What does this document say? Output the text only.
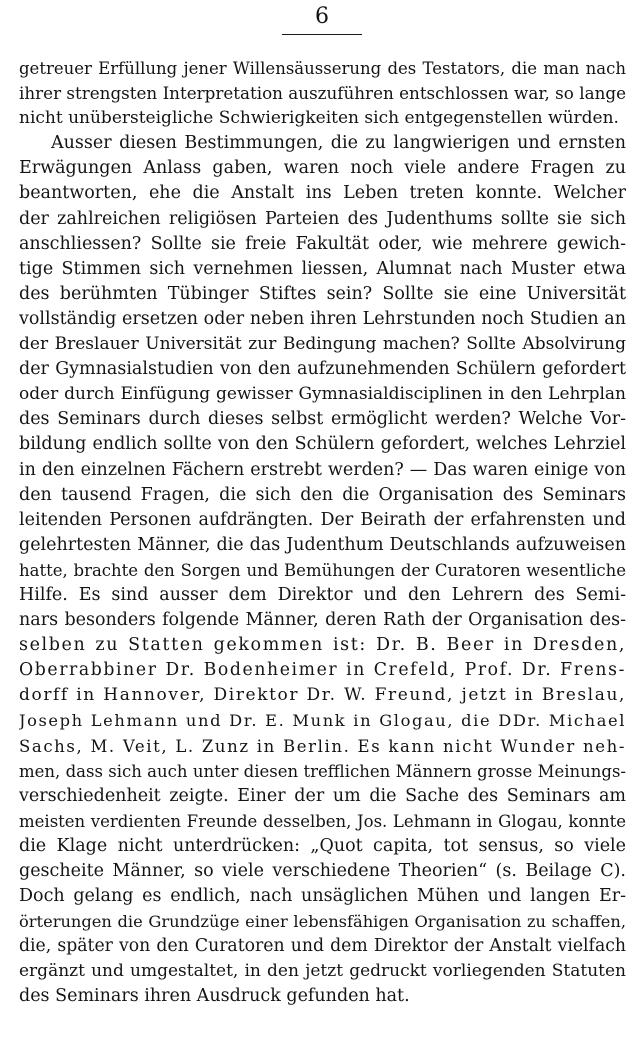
6
getreuer Erfüllung jener Willensäusserung des Testators, die man nach
ihrer strengsten Interpretation auszuführen entschlossen war, so lange
nicht unübersteigliche Schwierigkeiten sich entgegenstellen würden.
Ausser diesen Bestimmungen, die zu langwierigen und ernsten
Erwägungen Anlass gaben, waren noch viele andere Fragen zu
beantworten, ehe die Anstalt ins Leben treten konnte. Welcher
der zahlreichen religiösen Parteien des Judenthums sollte sie sich
anschliessen? Sollte sie freie Fakultät oder, wie mehrere gewich-
tige Stimmen sich vernehmen liessen, Alumnat nach Muster etwa
des berühmten Tübinger Stiftes sein? Sollte sie eine Universität
vollständig ersetzen oder neben ihren Lehrstunden noch Studien an
der Breslauer Universität zur Bedingung machen? Sollte Absolvirung
der Gymnasialstudien von den aufzunehmenden Schülern gefordert
oder durch Einfügung gewisser Gymnasialdisciplinen in den Lehrplan
des Seminars durch dieses selbst ermöglicht werden? Welche Vor-
bildung endlich sollte von den Schülern gefordert, welches Lehrziel
in den einzelnen Fächern erstrebt werden? — Das waren einige von
den tausend Fragen, die sich den die Organisation des Seminars
leitenden Personen aufdrängten. Der Beirath der erfahrensten und
gelehrtesten Männer, die das Judenthum Deutschlands aufzuweisen
hatte, brachte den Sorgen und Bemühungen der Curatoren wesentliche
Hilfe. Es sind ausser dem Direktor und den Lehrern des Semi-
nars besonders folgende Männer, deren Rath der Organisation des-
selben zu Statten gekommen ist: Dr. B. Beer in Dresden,
Oberrabbiner Dr. Bodenheimer in Crefeld, Prof. Dr. Frens-
dorff in Hannover, Direktor Dr. W. Freund, jetzt in Breslau,
Joseph Lehmann und Dr. E. Munk in Glogau, die DDr. Michael
Sachs, M. Veit, L. Zunz in Berlin. Es kann nicht Wunder neh-
men, dass sich auch unter diesen trefflichen Männern grosse Meinungs-
verschiedenheit zeigte. Einer der um die Sache des Seminars am
meisten verdienten Freunde desselben, Jos. Lehmann in Glogau, konnte
die Klage nicht unterdrücken: „Quot capita, tot sensus, so viele
gescheite Männer, so viele verschiedene Theorien“ (s. Beilage C).
Doch gelang es endlich, nach unsäglichen Mühen und langen Er-
örterungen die Grundzüge einer lebensfähigen Organisation zu schaffen,
die, später von den Curatoren und dem Direktor der Anstalt vielfach
ergänzt und umgestaltet, in den jetzt gedruckt vorliegenden Statuten
des Seminars ihren Ausdruck gefunden hat.
